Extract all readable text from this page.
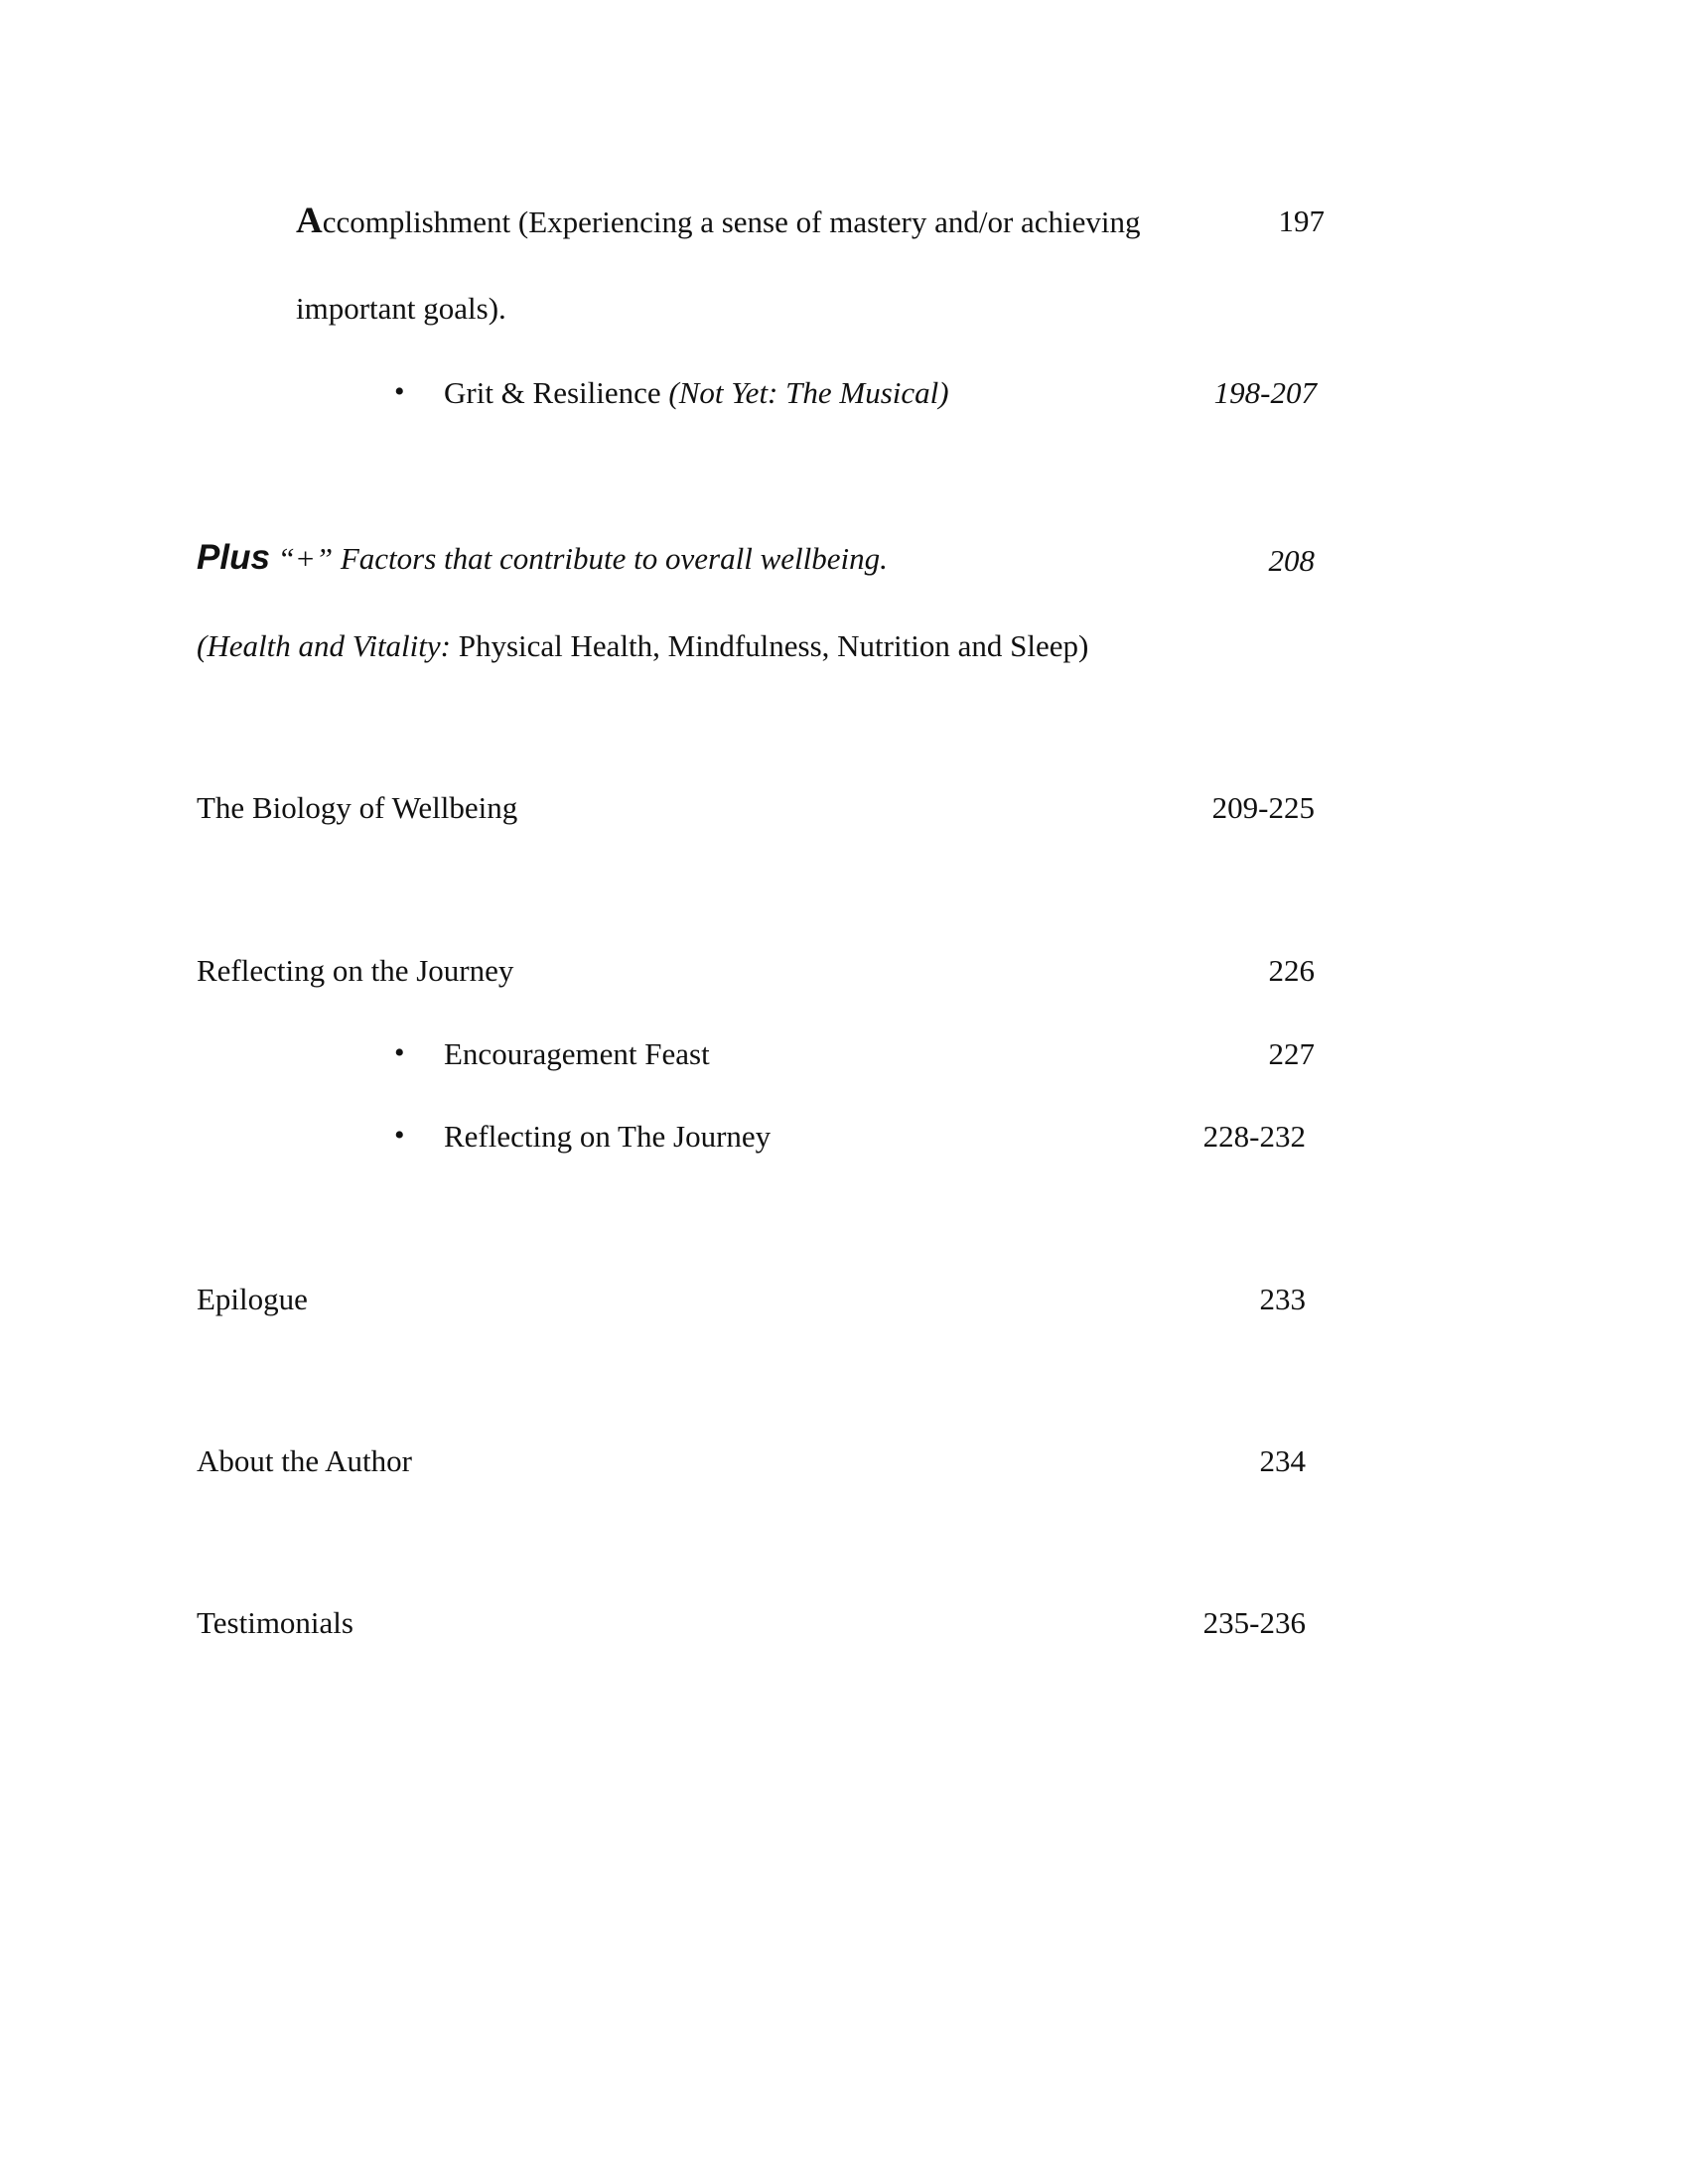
Accomplishment (Experiencing a sense of mastery and/or achieving	197
important goals).
• Grit & Resilience (Not Yet: The Musical)	198-207
Plus “+” Factors that contribute to overall wellbeing.	208
(Health and Vitality: Physical Health, Mindfulness, Nutrition and Sleep)
The Biology of Wellbeing	209-225
Reflecting on the Journey	226
• Encouragement Feast	227
• Reflecting on The Journey	228-232
Epilogue	233
About the Author	234
Testimonials	235-236
